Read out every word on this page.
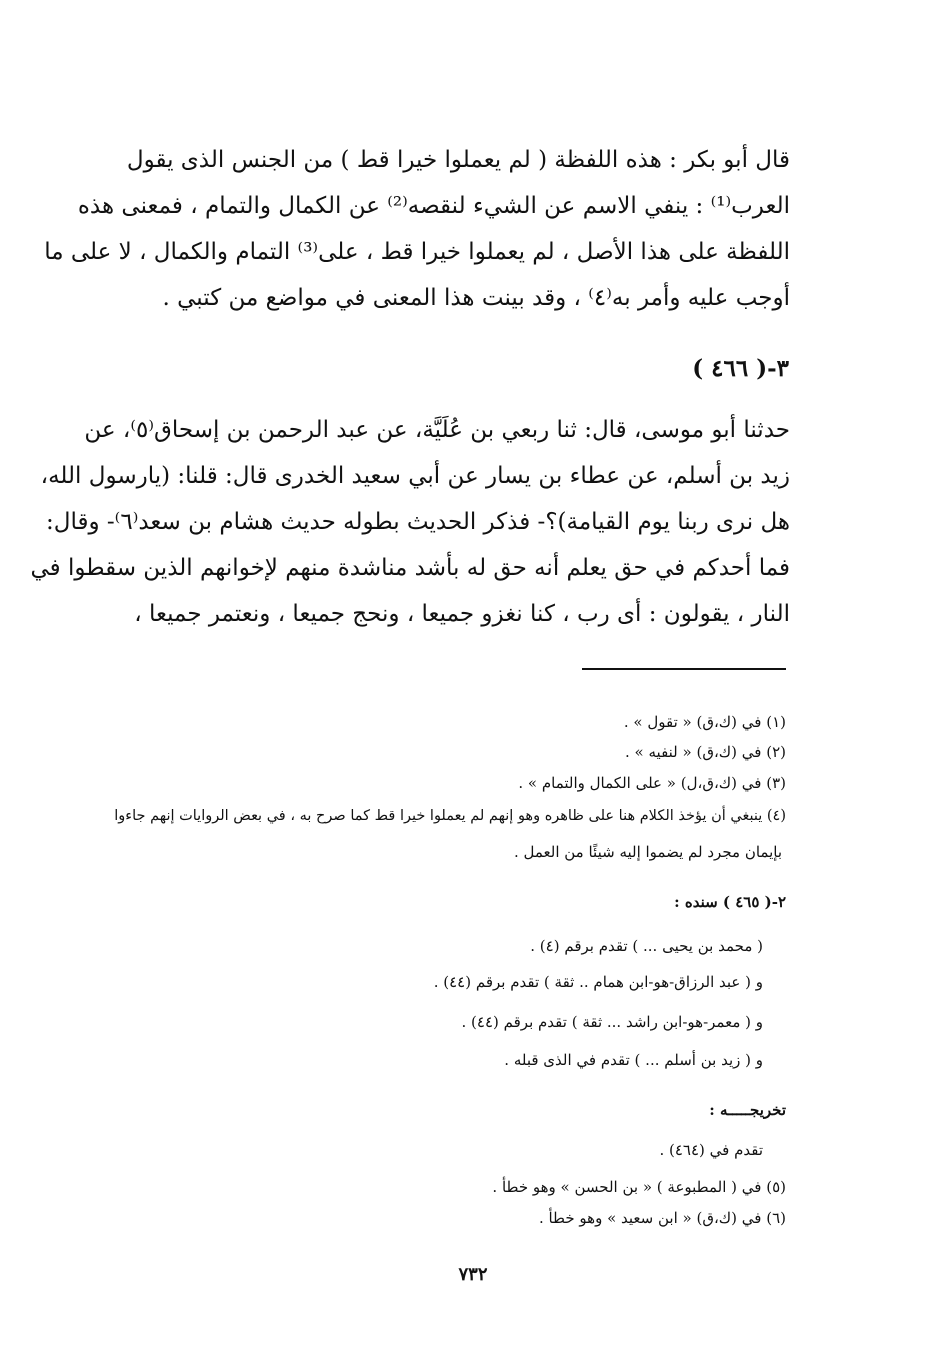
قال أبو بكر : هذه اللفظة ( لم يعملوا خيرا قط ) من الجنس الذى يقول
العرب⁽¹⁾ : ينفي الاسم عن الشيء لنقصه⁽²⁾ عن الكمال والتمام ، فمعنى هذه
اللفظة على هذا الأصل ، لم يعملوا خيرا قط ، على⁽³⁾ التمام والكمال ، لا على ما
أوجب عليه وأمر به⁽٤⁾ ، وقد بينت هذا المعنى في مواضع من كتبي .
٣-( ٤٦٦ )
حدثنا أبو موسى، قال: ثنا ربعي بن عُلَيَّة، عن عبد الرحمن بن إسحاق⁽٥⁾، عن
زيد بن أسلم، عن عطاء بن يسار عن أبي سعيد الخدرى قال: قلنا: (يارسول الله،
هل نرى ربنا يوم القيامة)؟- فذكر الحديث بطوله حديث هشام بن سعد⁽٦⁾- وقال:
فما أحدكم في حق يعلم أنه حق له بأشد مناشدة منهم لإخوانهم الذين سقطوا في
النار ، يقولون : أى رب ، كنا نغزو جميعا ، ونحج جميعا ، ونعتمر جميعا ،
(١) في (ك،ق) « تقول » .
(٢) في (ك،ق) « لنفيه » .
(٣) في (ك،ق،ل) « على الكمال والتمام » .
(٤) ينبغي أن يؤخذ الكلام هنا على ظاهره وهو إنهم لم يعملوا خيرا قط كما صرح به ، في بعض الروايات إنهم جاءوا
بإيمان مجرد لم يضموا إليه شيئًا من العمل .
٢-( ٤٦٥ ) سنده :
( محمد بن يحيى ... ) تقدم برقم (٤) .
و ( عبد الرزاق-هو-ابن همام .. ثقة ) تقدم برقم (٤٤) .
و ( معمر-هو-ابن راشد ... ثقة ) تقدم برقم (٤٤) .
و ( زيد بن أسلم ... ) تقدم في الذى قبله .
تخريجـــــه :
تقدم في (٤٦٤) .
(٥) في ( المطبوعة ) « بن الحسن » وهو خطأ .
(٦) في (ك،ق) « ابن سعيد » وهو خطأ .
٧٣٢
